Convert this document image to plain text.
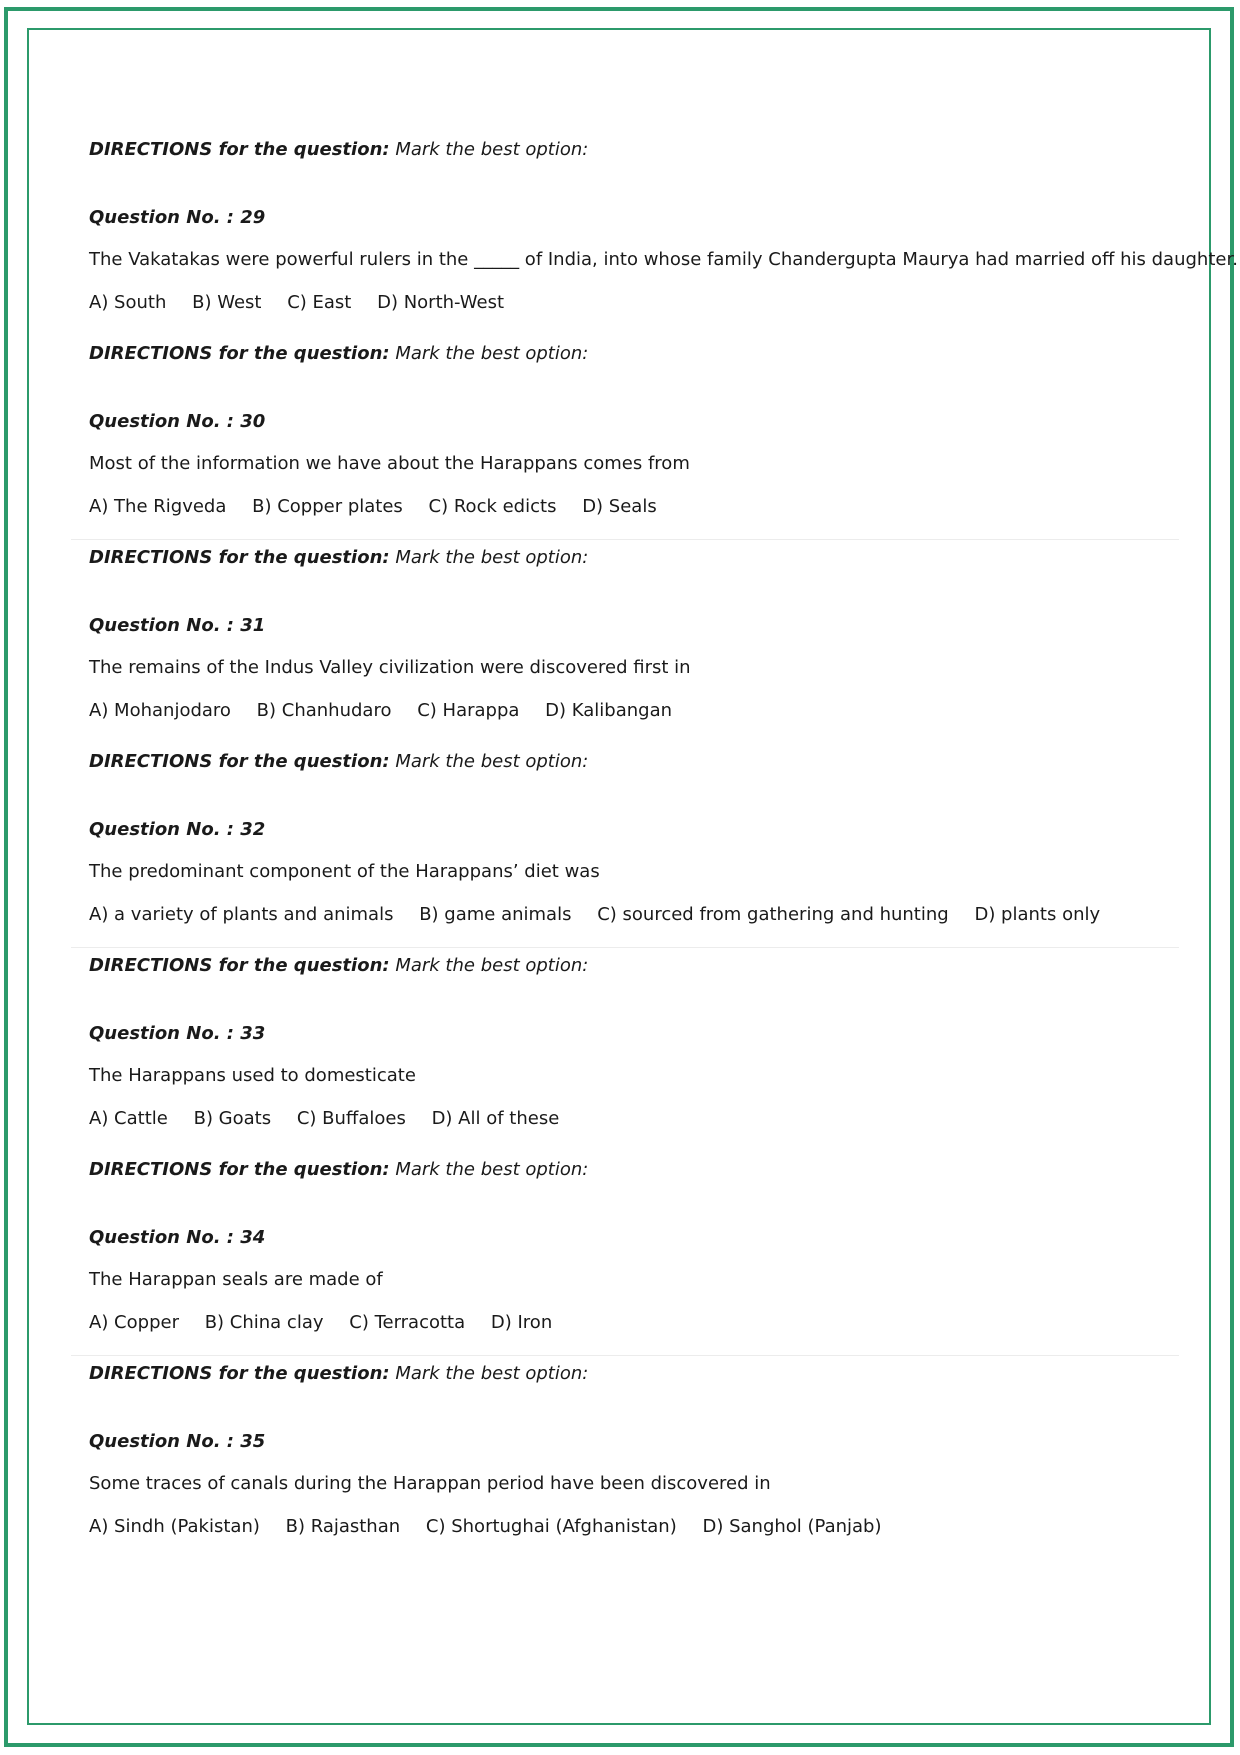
DIRECTIONS for the question: Mark the best option:
Question No. : 29
The Vakatakas were powerful rulers in the _____ of India, into whose family Chandergupta Maurya had married off his daughter.
A) South B) West C) East D) North-West
DIRECTIONS for the question: Mark the best option:
Question No. : 30
Most of the information we have about the Harappans comes from
A) The Rigveda B) Copper plates C) Rock edicts D) Seals
DIRECTIONS for the question: Mark the best option:
Question No. : 31
The remains of the Indus Valley civilization were discovered first in
A) Mohanjodaro B) Chanhudaro C) Harappa D) Kalibangan
DIRECTIONS for the question: Mark the best option:
Question No. : 32
The predominant component of the Harappans’ diet was
A) a variety of plants and animals B) game animals C) sourced from gathering and hunting D) plants only
DIRECTIONS for the question: Mark the best option:
Question No. : 33
The Harappans used to domesticate
A) Cattle B) Goats C) Buffaloes D) All of these
DIRECTIONS for the question: Mark the best option:
Question No. : 34
The Harappan seals are made of
A) Copper B) China clay C) Terracotta D) Iron
DIRECTIONS for the question: Mark the best option:
Question No. : 35
Some traces of canals during the Harappan period have been discovered in
A) Sindh (Pakistan) B) Rajasthan C) Shortughai (Afghanistan) D) Sanghol (Panjab)
